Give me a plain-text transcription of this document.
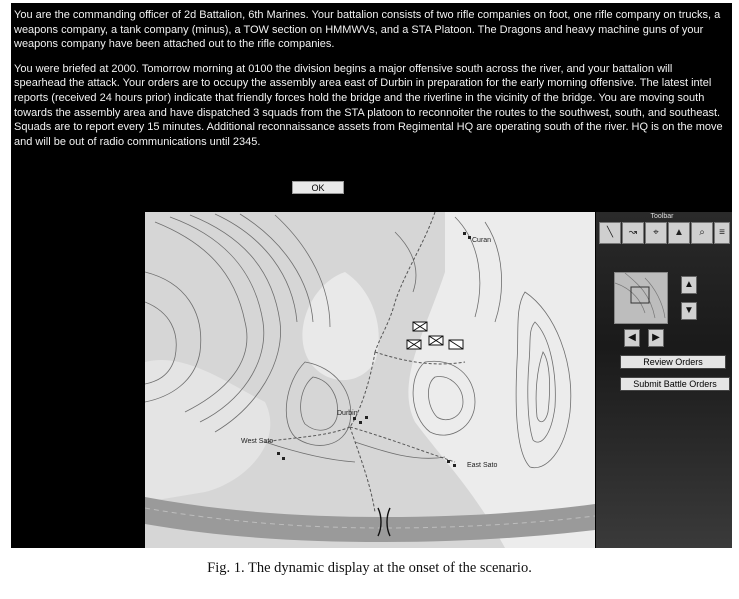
You are the commanding officer of 2d Battalion, 6th Marines. Your battalion consists of two rifle companies on foot, one rifle company on trucks, a weapons company, a tank company (minus), a TOW section on HMMWVs, and a STA Platoon. The Dragons and heavy machine guns of your weapons company have been attached out to the rifle companies.

You were briefed at 2000. Tomorrow morning at 0100 the division begins a major offensive south across the river, and your battalion will spearhead the attack. Your orders are to occupy the assembly area east of Durbin in preparation for the early morning offensive. The latest intel reports (received 24 hours prior) indicate that friendly forces hold the bridge and the riverline in the vicinity of the bridge. You are moving south towards the assembly area and have dispatched 3 squads from the STA platoon to reconnoiter the routes to the southwest, south, and southeast. Squads are to report every 15 minutes. Additional reconnaissance assets from Regimental HQ are operating south of the river. HQ is on the move and will be out of radio communications until 2345.

OK
Curan
Durbin
West Sato
East Sato
Toolbar
╲	↝	⌖	▲	⌕	≡
▲
▼
◀	▶
Review Orders
Submit Battle Orders
Fig. 1. The dynamic display at the onset of the scenario.
